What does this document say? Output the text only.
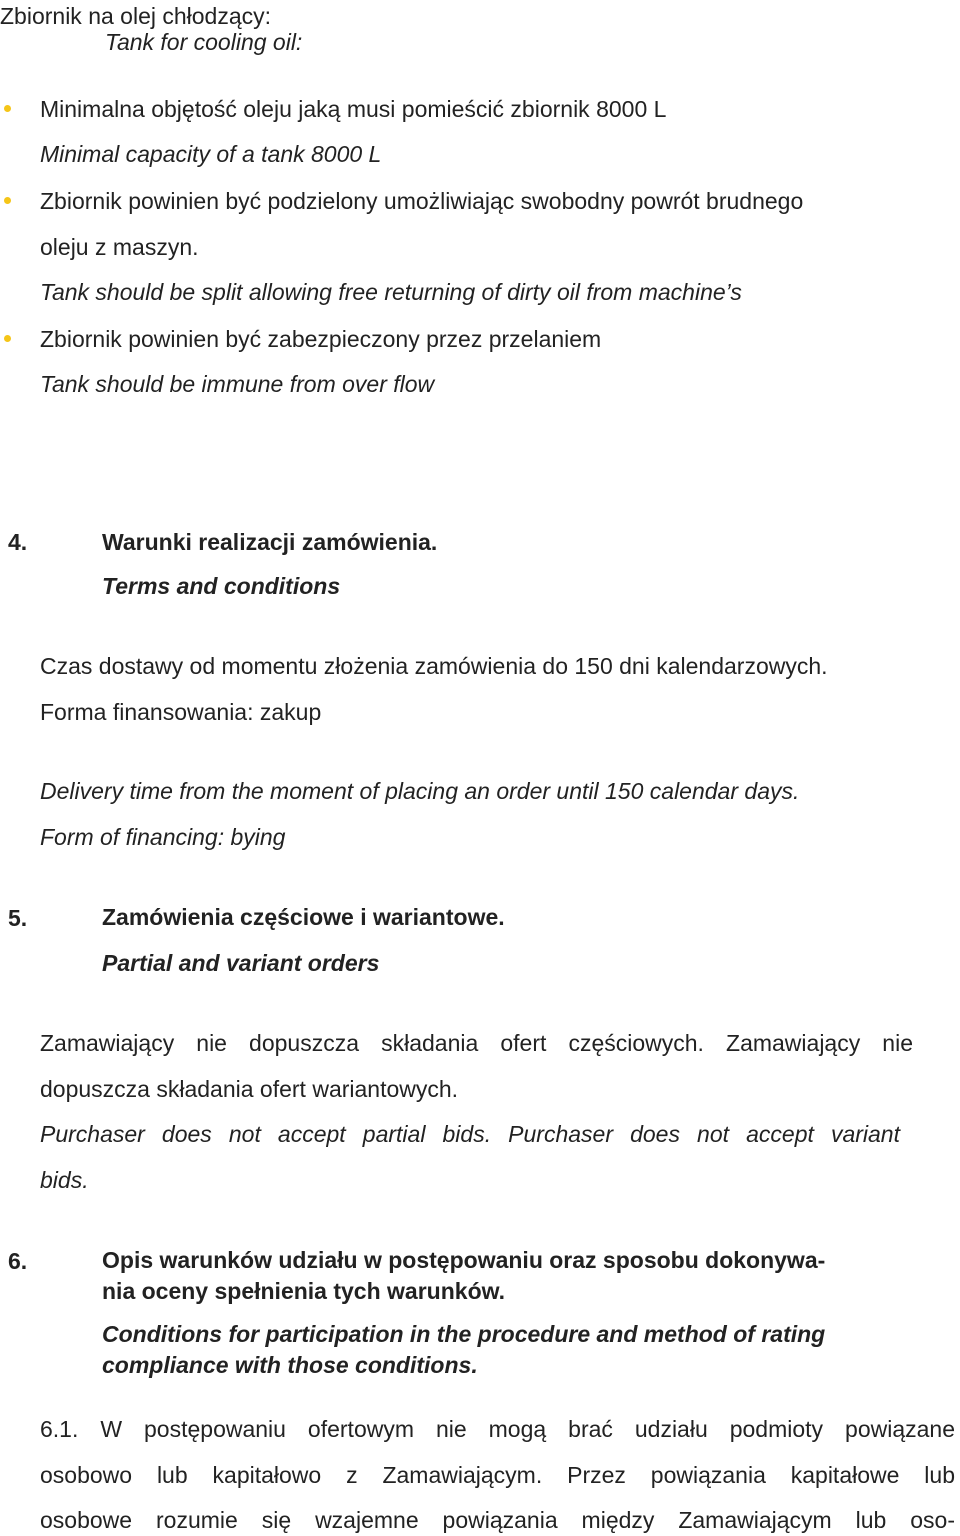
Zbiornik na olej chłodzący:

Tank for cooling oil:

Minimalna objętość oleju jaką musi pomieścić zbiornik 8000 L

Minimal capacity of a tank 8000 L

Zbiornik powinien być podzielony umożliwiając swobodny powrót brudnego

oleju z maszyn.

Tank should be split allowing free returning of dirty oil from machine’s

Zbiornik powinien być zabezpieczony przez przelaniem

Tank should be immune from over flow

4.	Warunki realizacji zamówienia.

Terms and conditions

Czas dostawy od momentu złożenia zamówienia do 150 dni kalendarzowych.

Forma finansowania: zakup

Delivery time from the moment of placing an order until 150 calendar days.

Form of financing: bying

5.	Zamówienia częściowe i wariantowe.

Partial and variant orders

Zamawiający nie dopuszcza składania ofert częściowych. Zamawiający nie

dopuszcza składania ofert wariantowych.

Purchaser does not accept partial bids. Purchaser does not accept variant

bids.

6.	Opis warunków udziału w postępowaniu oraz sposobu dokonywa-

nia oceny spełnienia tych warunków.

Conditions for participation in the procedure and method of rating

compliance with those conditions.

6.1. W postępowaniu ofertowym nie mogą brać udziału podmioty powiązane
osobowo lub kapitałowo z Zamawiającym. Przez powiązania kapitałowe lub
osobowe rozumie się wzajemne powiązania między Zamawiającym lub oso-
